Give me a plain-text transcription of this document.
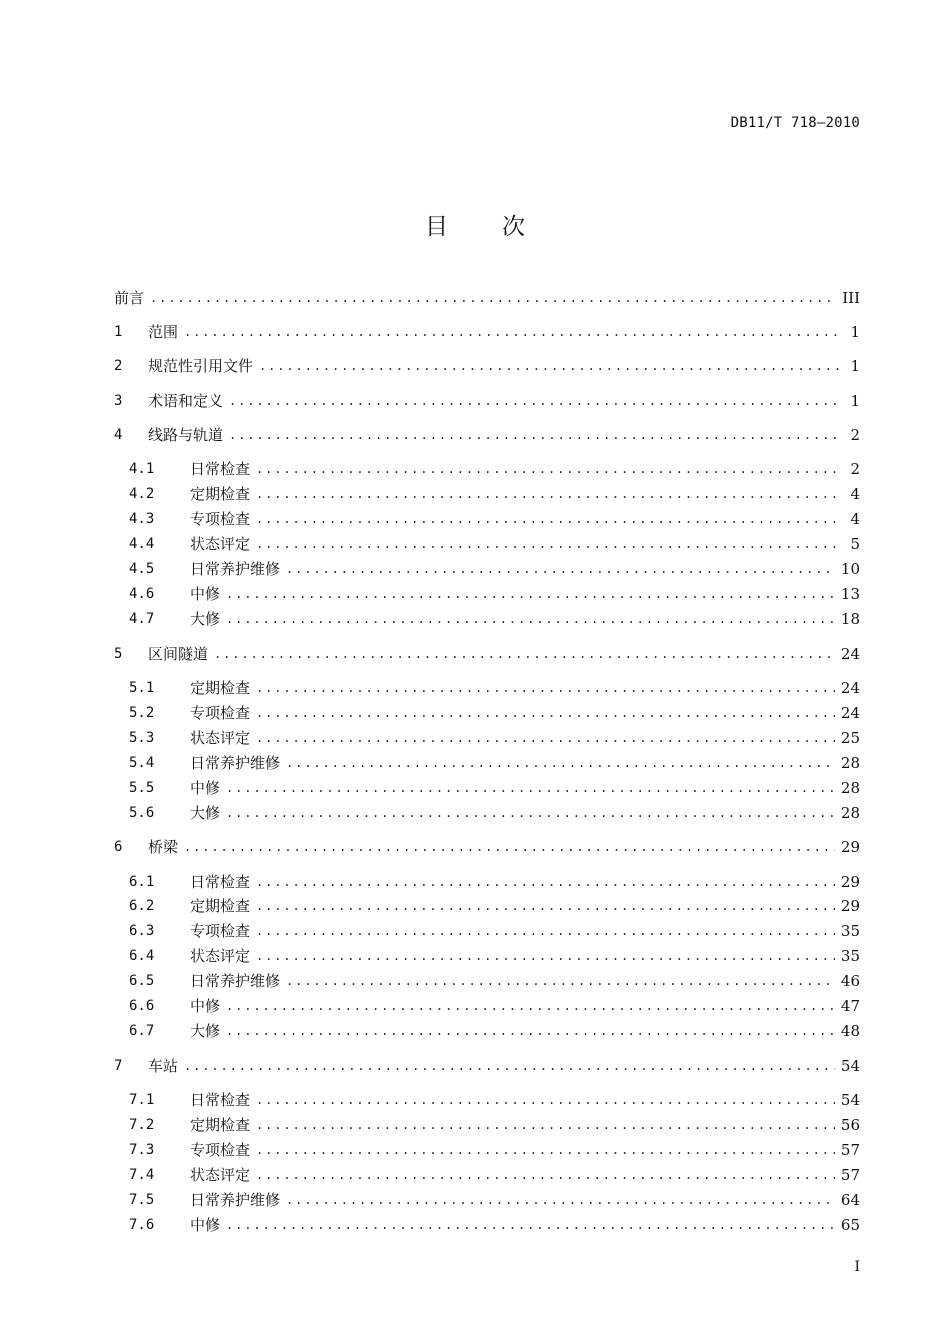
DB11/T 718—2010
目 次
前言 .....	III
1	范围 .....	1
2	规范性引用文件 .....	1
3	术语和定义 .....	1
4	线路与轨道 .....	2
4.1	日常检查 .....	2
4.2	定期检查 .....	4
4.3	专项检查 .....	4
4.4	状态评定 .....	5
4.5	日常养护维修 .....	10
4.6	中修 .....	13
4.7	大修 .....	18
5	区间隧道 .....	24
5.1	定期检查 .....	24
5.2	专项检查 .....	24
5.3	状态评定 .....	25
5.4	日常养护维修 .....	28
5.5	中修 .....	28
5.6	大修 .....	28
6	桥梁 .....	29
6.1	日常检查 .....	29
6.2	定期检查 .....	29
6.3	专项检查 .....	35
6.4	状态评定 .....	35
6.5	日常养护维修 .....	46
6.6	中修 .....	47
6.7	大修 .....	48
7	车站 .....	54
7.1	日常检查 .....	54
7.2	定期检查 .....	56
7.3	专项检查 .....	57
7.4	状态评定 .....	57
7.5	日常养护维修 .....	64
7.6	中修 .....	65
I
